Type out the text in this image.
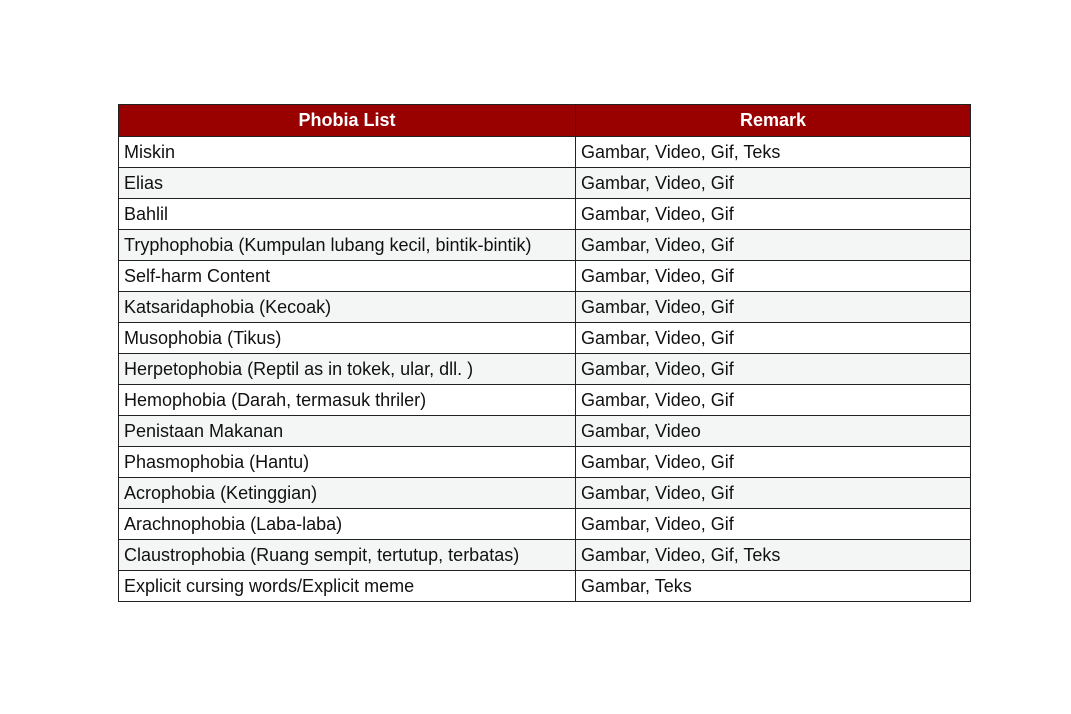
Phobia List	Remark
Miskin	Gambar, Video, Gif, Teks
Elias	Gambar, Video, Gif
Bahlil	Gambar, Video, Gif
Tryphophobia (Kumpulan lubang kecil, bintik-bintik)	Gambar, Video, Gif
Self-harm Content	Gambar, Video, Gif
Katsaridaphobia (Kecoak)	Gambar, Video, Gif
Musophobia (Tikus)	Gambar, Video, Gif
Herpetophobia (Reptil as in tokek, ular, dll. )	Gambar, Video, Gif
Hemophobia (Darah, termasuk thriler)	Gambar, Video, Gif
Penistaan Makanan	Gambar, Video
Phasmophobia (Hantu)	Gambar, Video, Gif
Acrophobia (Ketinggian)	Gambar, Video, Gif
Arachnophobia (Laba-laba)	Gambar, Video, Gif
Claustrophobia (Ruang sempit, tertutup, terbatas)	Gambar, Video, Gif, Teks
Explicit cursing words/Explicit meme	Gambar, Teks
